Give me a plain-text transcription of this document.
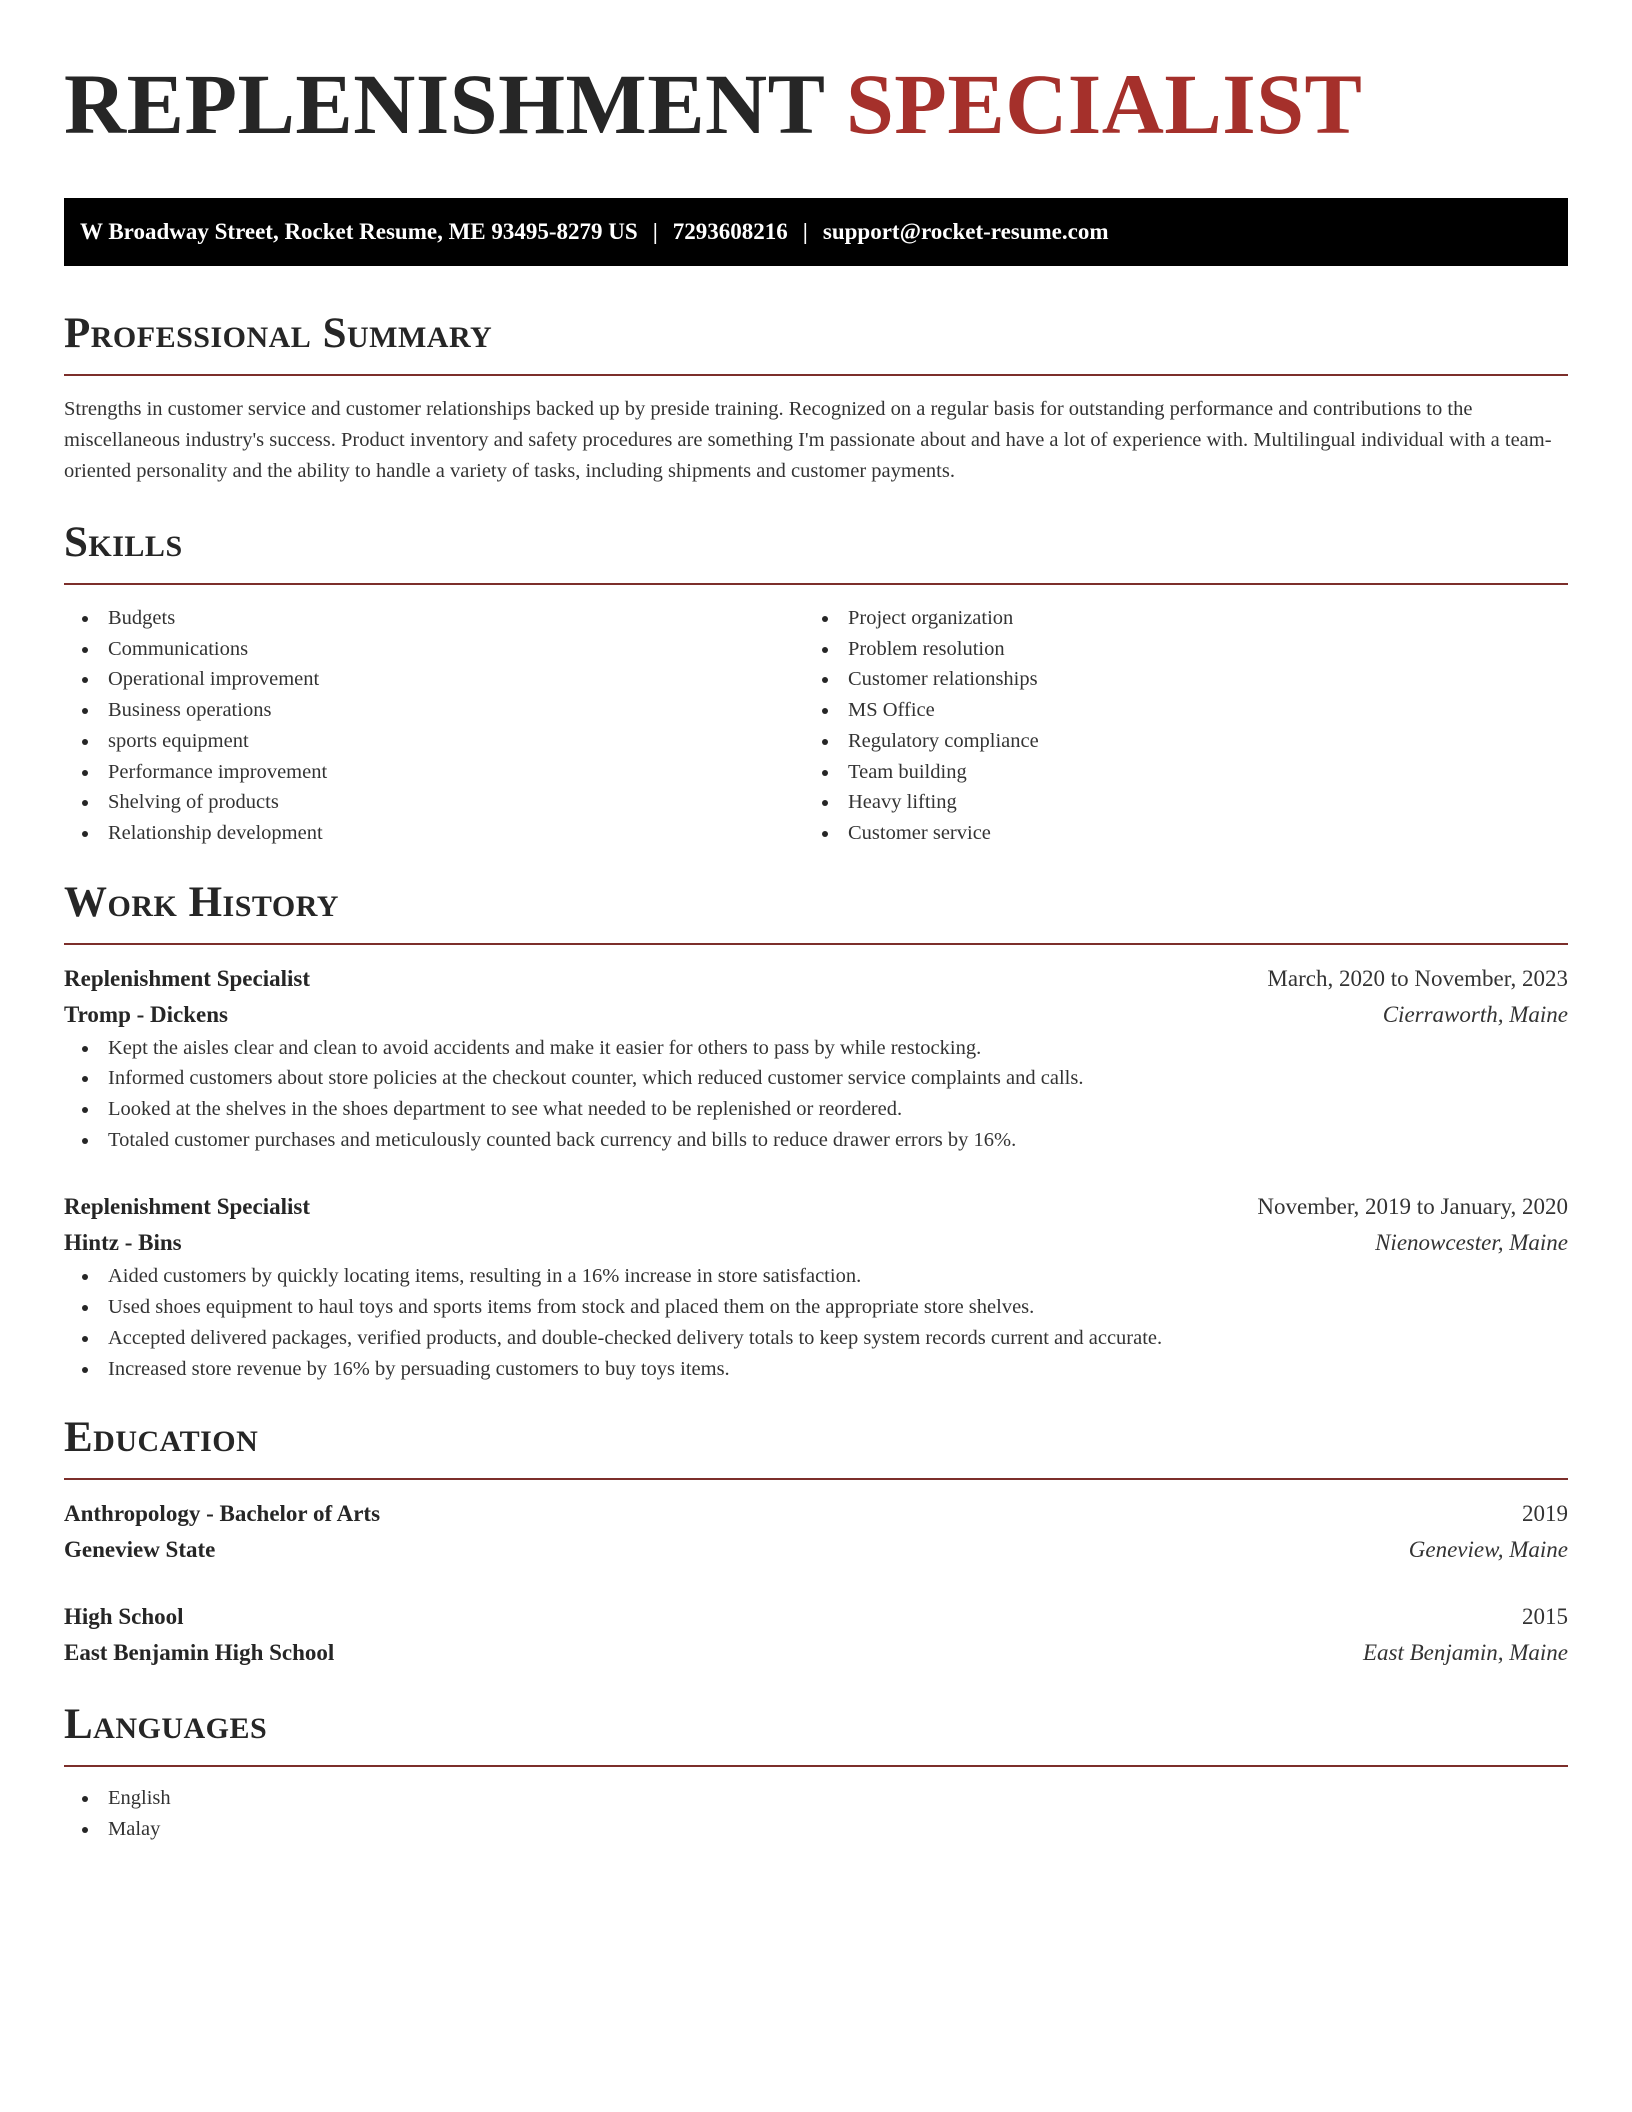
REPLENISHMENT SPECIALIST
W Broadway Street, Rocket Resume, ME 93495-8279 US | 7293608216 | support@rocket-resume.com
Professional Summary

Strengths in customer service and customer relationships backed up by preside training. Recognized on a regular basis for outstanding performance and contributions to the miscellaneous industry's success. Product inventory and safety procedures are something I'm passionate about and have a lot of experience with. Multilingual individual with a team-oriented personality and the ability to handle a variety of tasks, including shipments and customer payments.

Skills
Budgets
Communications
Operational improvement
Business operations
sports equipment
Performance improvement
Shelving of products
Relationship development
Project organization
Problem resolution
Customer relationships
MS Office
Regulatory compliance
Team building
Heavy lifting
Customer service
Work History
Replenishment Specialist	March, 2020 to November, 2023
Tromp - Dickens	Cierraworth, Maine
Kept the aisles clear and clean to avoid accidents and make it easier for others to pass by while restocking.
Informed customers about store policies at the checkout counter, which reduced customer service complaints and calls.
Looked at the shelves in the shoes department to see what needed to be replenished or reordered.
Totaled customer purchases and meticulously counted back currency and bills to reduce drawer errors by 16%.
Replenishment Specialist	November, 2019 to January, 2020
Hintz - Bins	Nienowcester, Maine
Aided customers by quickly locating items, resulting in a 16% increase in store satisfaction.
Used shoes equipment to haul toys and sports items from stock and placed them on the appropriate store shelves.
Accepted delivered packages, verified products, and double-checked delivery totals to keep system records current and accurate.
Increased store revenue by 16% by persuading customers to buy toys items.
Education
Anthropology - Bachelor of Arts	2019
Geneview State	Geneview, Maine
High School	2015
East Benjamin High School	East Benjamin, Maine
Languages
English
Malay
